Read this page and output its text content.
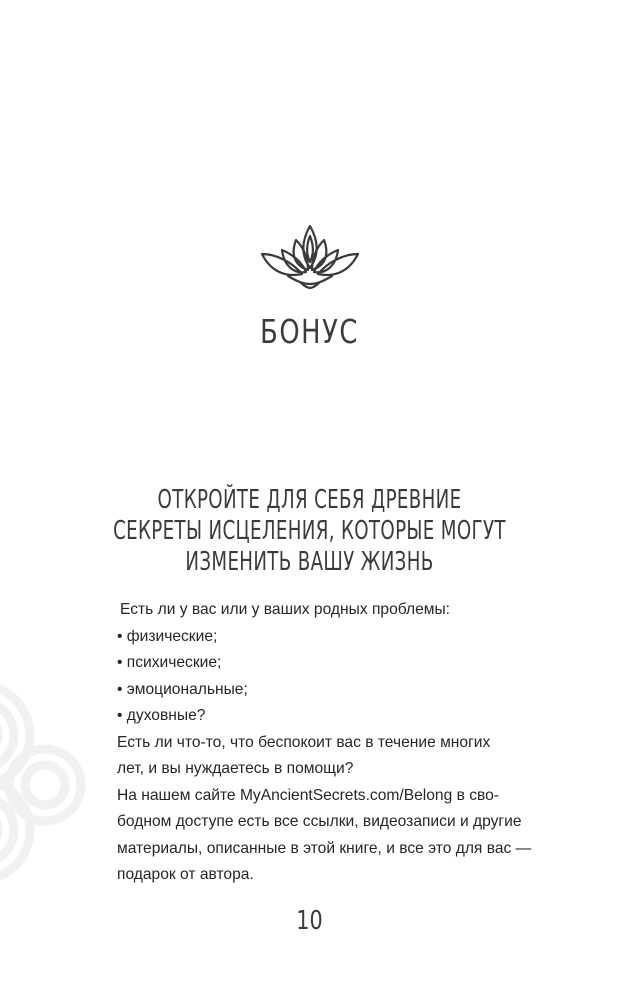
БОНУС
ОТКРОЙТЕ ДЛЯ СЕБЯ ДРЕВНИЕ
СЕКРЕТЫ ИСЦЕЛЕНИЯ, КОТОРЫЕ МОГУТ
ИЗМЕНИТЬ ВАШУ ЖИЗНЬ

Есть ли у вас или у ваших родных проблемы:

• физические;

• психические;

• эмоциональные;

• духовные?

Есть ли что-то, что беспокоит вас в течение многих

лет, и вы нуждаетесь в помощи?

На нашем сайте MyAncientSecrets.com/Belong в сво-

бодном доступе есть все ссылки, видеозаписи и другие

материалы, описанные в этой книге, и все это для вас —

подарок от автора.

10
